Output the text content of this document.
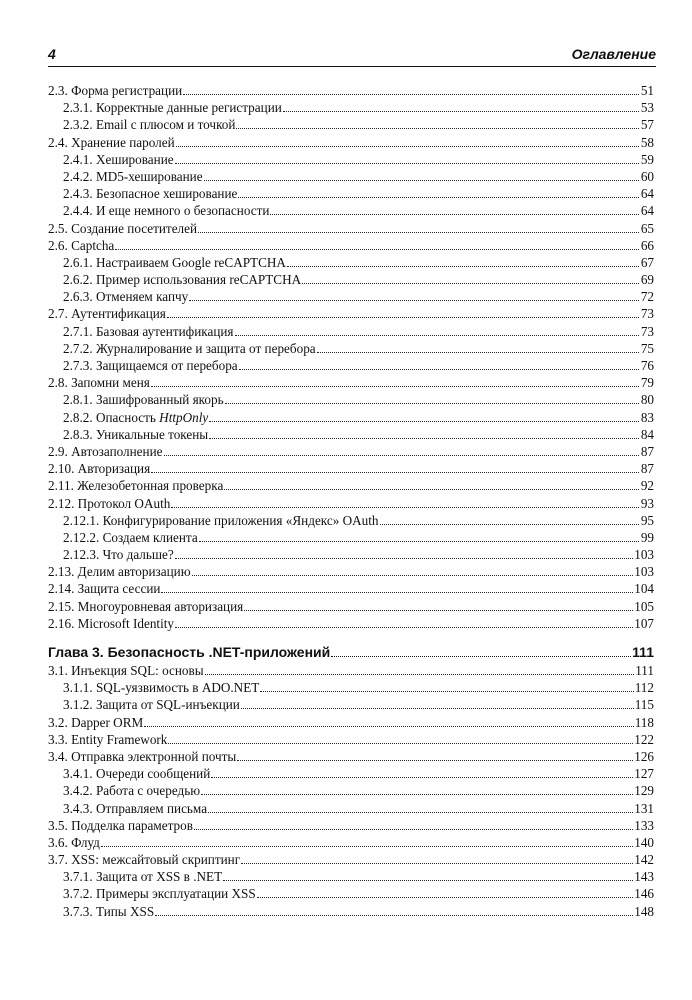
4	Оглавление
2.3. Форма регистрации	51
2.3.1. Корректные данные регистрации	53
2.3.2. Email с плюсом и точкой	57
2.4. Хранение паролей	58
2.4.1. Хеширование	59
2.4.2. MD5-хеширование	60
2.4.3. Безопасное хеширование	64
2.4.4. И еще немного о безопасности	64
2.5. Создание посетителей	65
2.6. Captcha	66
2.6.1. Настраиваем Google reCAPTCHA	67
2.6.2. Пример использования reCAPTCHA	69
2.6.3. Отменяем капчу	72
2.7. Аутентификация	73
2.7.1. Базовая аутентификация	73
2.7.2. Журналирование и защита от перебора	75
2.7.3. Защищаемся от перебора	76
2.8. Запомни меня	79
2.8.1. Зашифрованный якорь	80
2.8.2. Опасность HttpOnly	83
2.8.3. Уникальные токены	84
2.9. Автозаполнение	87
2.10. Авторизация	87
2.11. Железобетонная проверка	92
2.12. Протокол OAuth	93
2.12.1. Конфигурирование приложения «Яндекс» OAuth	95
2.12.2. Создаем клиента	99
2.12.3. Что дальше?	103
2.13. Делим авторизацию	103
2.14. Защита сессии	104
2.15. Многоуровневая авторизация	105
2.16. Microsoft Identity	107
Глава 3. Безопасность .NET-приложений	111
3.1. Инъекция SQL: основы	111
3.1.1. SQL-уязвимость в ADO.NET	112
3.1.2. Защита от SQL-инъекции	115
3.2. Dapper ORM	118
3.3. Entity Framework	122
3.4. Отправка электронной почты	126
3.4.1. Очереди сообщений	127
3.4.2. Работа с очередью	129
3.4.3. Отправляем письма	131
3.5. Подделка параметров	133
3.6. Флуд	140
3.7. XSS: межсайтовый скриптинг	142
3.7.1. Защита от XSS в .NET	143
3.7.2. Примеры эксплуатации XSS	146
3.7.3. Типы XSS	148
